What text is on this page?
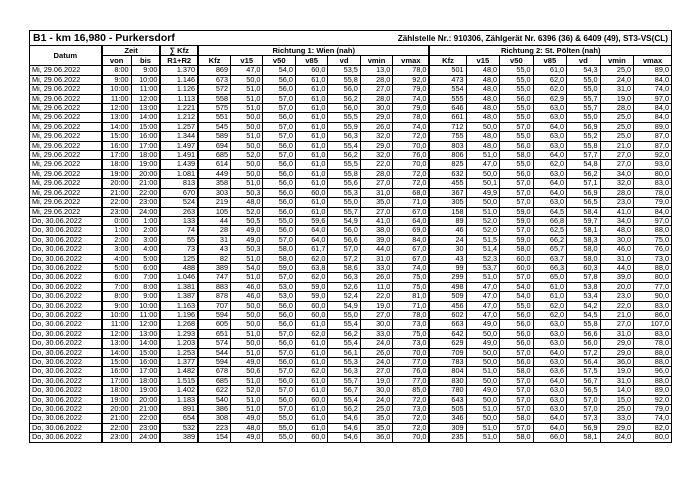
B1 - km 16,980 - Purkersdorf	Zählstelle Nr.: 910306, Zählgerät Nr. 6396 (36) & 6409 (49), ST3-VS(CL)
Datum	Zeit		∑ Kfz	Richtung 1: Wien (nah)							Richtung 2: St. Pölten (nah)						
	von	bis	R1+R2	Kfz	v15	v50	v85	vd	vmin	vmax	Kfz	v15	v50	v85	vd	vmin	vmax
Mi, 29.06.2022	8:00	9:00	1.370	869	47,0	54,0	60,0	53,5	13,0	78,0	501	48,0	55,0	61,0	54,3	25,0	89,0
Mi, 29.06.2022	9:00	10:00	1.146	673	50,0	56,0	61,0	55,8	28,0	92,0	473	48,0	55,0	62,0	55,0	24,0	84,0
Mi, 29.06.2022	10:00	11:00	1.126	572	51,0	56,0	61,0	56,0	27,0	79,0	554	48,0	55,0	62,0	55,0	31,0	74,0
Mi, 29.06.2022	11:00	12:00	1.113	558	51,0	57,0	61,0	56,2	28,0	74,0	555	48,0	56,0	62,9	55,7	19,0	97,0
Mi, 29.06.2022	12:00	13:00	1.221	575	51,0	57,0	61,0	56,0	30,0	79,0	646	48,0	55,0	63,0	55,7	28,0	84,0
Mi, 29.06.2022	13:00	14:00	1.212	551	50,0	56,0	61,0	55,5	29,0	78,0	661	48,0	55,0	63,0	55,0	25,0	84,0
Mi, 29.06.2022	14:00	15:00	1.257	545	50,0	57,0	61,0	55,9	26,0	74,0	712	50,0	57,0	64,0	56,9	25,0	89,0
Mi, 29.06.2022	15:00	16:00	1.344	589	51,0	57,0	61,0	56,3	32,0	72,0	755	48,0	55,0	63,0	55,2	25,0	87,0
Mi, 29.06.2022	16:00	17:00	1.497	694	50,0	56,0	61,0	55,4	29,0	70,0	803	48,0	56,0	63,0	55,8	21,0	87,0
Mi, 29.06.2022	17:00	18:00	1.491	685	52,0	57,0	61,0	56,2	32,0	76,0	806	51,0	58,0	64,0	57,7	27,0	92,0
Mi, 29.06.2022	18:00	19:00	1.439	614	50,0	56,0	61,0	55,5	22,0	70,0	825	47,0	55,0	62,0	54,8	27,0	93,0
Mi, 29.06.2022	19:00	20:00	1.081	449	50,0	56,0	61,0	55,8	28,0	72,0	632	50,0	56,0	63,0	56,2	34,0	80,0
Mi, 29.06.2022	20:00	21:00	813	358	51,0	56,0	61,0	55,6	27,0	72,0	455	50,1	57,0	64,0	57,1	32,0	83,0
Mi, 29.06.2022	21:00	22:00	670	303	50,3	56,0	60,0	55,3	31,0	68,0	367	49,9	57,0	64,0	56,9	28,0	78,0
Mi, 29.06.2022	22:00	23:00	524	219	48,0	56,0	61,0	55,0	35,0	71,0	305	50,0	57,0	63,0	56,5	23,0	79,0
Mi, 29.06.2022	23:00	24:00	263	105	52,0	56,0	61,0	55,7	27,0	67,0	158	51,0	59,0	64,5	58,4	41,0	84,0
Do, 30.06.2022	0:00	1:00	133	44	50,5	55,0	59,6	54,9	41,0	64,0	89	52,0	59,0	66,8	59,7	34,0	97,0
Do, 30.06.2022	1:00	2:00	74	28	49,0	56,0	64,0	56,0	38,0	69,0	46	52,0	57,0	62,5	58,1	48,0	88,0
Do, 30.06.2022	2:00	3:00	55	31	49,0	57,0	64,0	56,6	39,0	84,0	24	51,5	59,0	66,2	58,3	30,0	75,0
Do, 30.06.2022	3:00	4:00	73	43	50,3	58,0	61,7	57,0	44,0	67,0	30	51,4	58,0	65,7	58,0	46,0	76,0
Do, 30.06.2022	4:00	5:00	125	82	51,0	58,0	62,0	57,2	31,0	67,0	43	52,3	60,0	63,7	58,0	31,0	73,0
Do, 30.06.2022	5:00	6:00	488	389	54,0	59,0	63,8	58,6	33,0	74,0	99	53,7	60,0	66,3	60,3	44,0	88,0
Do, 30.06.2022	6:00	7:00	1.046	747	51,0	57,0	62,0	56,3	26,0	75,0	299	51,0	57,0	65,0	57,8	39,0	80,0
Do, 30.06.2022	7:00	8:00	1.381	883	46,0	53,0	59,0	52,6	11,0	75,0	498	47,0	54,0	61,0	53,8	20,0	77,0
Do, 30.06.2022	8:00	9:00	1.387	878	46,0	53,0	59,0	52,4	22,0	81,0	509	47,0	54,0	61,0	53,4	23,0	90,0
Do, 30.06.2022	9:00	10:00	1.163	707	50,0	56,0	60,0	54,9	19,0	71,0	456	47,0	55,0	62,0	54,2	22,0	83,0
Do, 30.06.2022	10:00	11:00	1.196	594	50,0	56,0	60,0	55,0	27,0	78,0	602	47,0	56,0	62,0	54,5	21,0	86,0
Do, 30.06.2022	11:00	12:00	1.268	605	50,0	56,0	61,0	55,4	30,0	73,0	663	49,0	56,0	63,0	55,8	27,0	107,0
Do, 30.06.2022	12:00	13:00	1.293	651	51,0	57,0	62,0	56,2	33,0	75,0	642	50,0	56,0	63,0	56,6	31,0	83,0
Do, 30.06.2022	13:00	14:00	1.203	574	50,0	56,0	61,0	55,4	24,0	73,0	629	49,0	56,0	63,0	56,0	29,0	78,0
Do, 30.06.2022	14:00	15:00	1.253	544	51,0	57,0	61,0	56,1	26,0	70,0	709	50,0	57,0	64,0	57,2	29,0	88,0
Do, 30.06.2022	15:00	16:00	1.377	594	49,0	56,0	61,0	55,3	24,0	77,0	783	50,0	56,0	63,0	56,4	36,0	88,0
Do, 30.06.2022	16:00	17:00	1.482	678	50,6	57,0	62,0	56,3	27,0	76,0	804	51,0	58,0	63,6	57,5	19,0	96,0
Do, 30.06.2022	17:00	18:00	1.515	685	51,0	56,0	61,0	55,7	19,0	77,0	830	50,0	57,0	64,0	56,7	31,0	88,0
Do, 30.06.2022	18:00	19:00	1.402	622	52,0	57,0	61,0	56,7	30,0	85,0	780	49,0	57,0	63,0	56,5	14,0	89,0
Do, 30.06.2022	19:00	20:00	1.183	540	51,0	56,0	60,0	55,4	24,0	72,0	643	50,0	57,0	63,0	57,0	15,0	92,0
Do, 30.06.2022	20:00	21:00	891	386	51,0	57,0	61,0	56,2	25,0	73,0	505	51,0	57,0	63,0	57,0	25,0	79,0
Do, 30.06.2022	21:00	22:00	654	308	49,0	55,0	61,0	54,6	35,0	72,0	346	50,0	58,0	64,0	57,3	33,0	74,0
Do, 30.06.2022	22:00	23:00	532	223	48,0	55,0	61,0	54,6	35,0	72,0	309	51,0	57,0	64,0	56,9	29,0	82,0
Do, 30.06.2022	23:00	24:00	389	154	49,0	55,0	60,0	54,6	36,0	70,0	235	51,0	58,0	66,0	58,1	24,0	80,0
